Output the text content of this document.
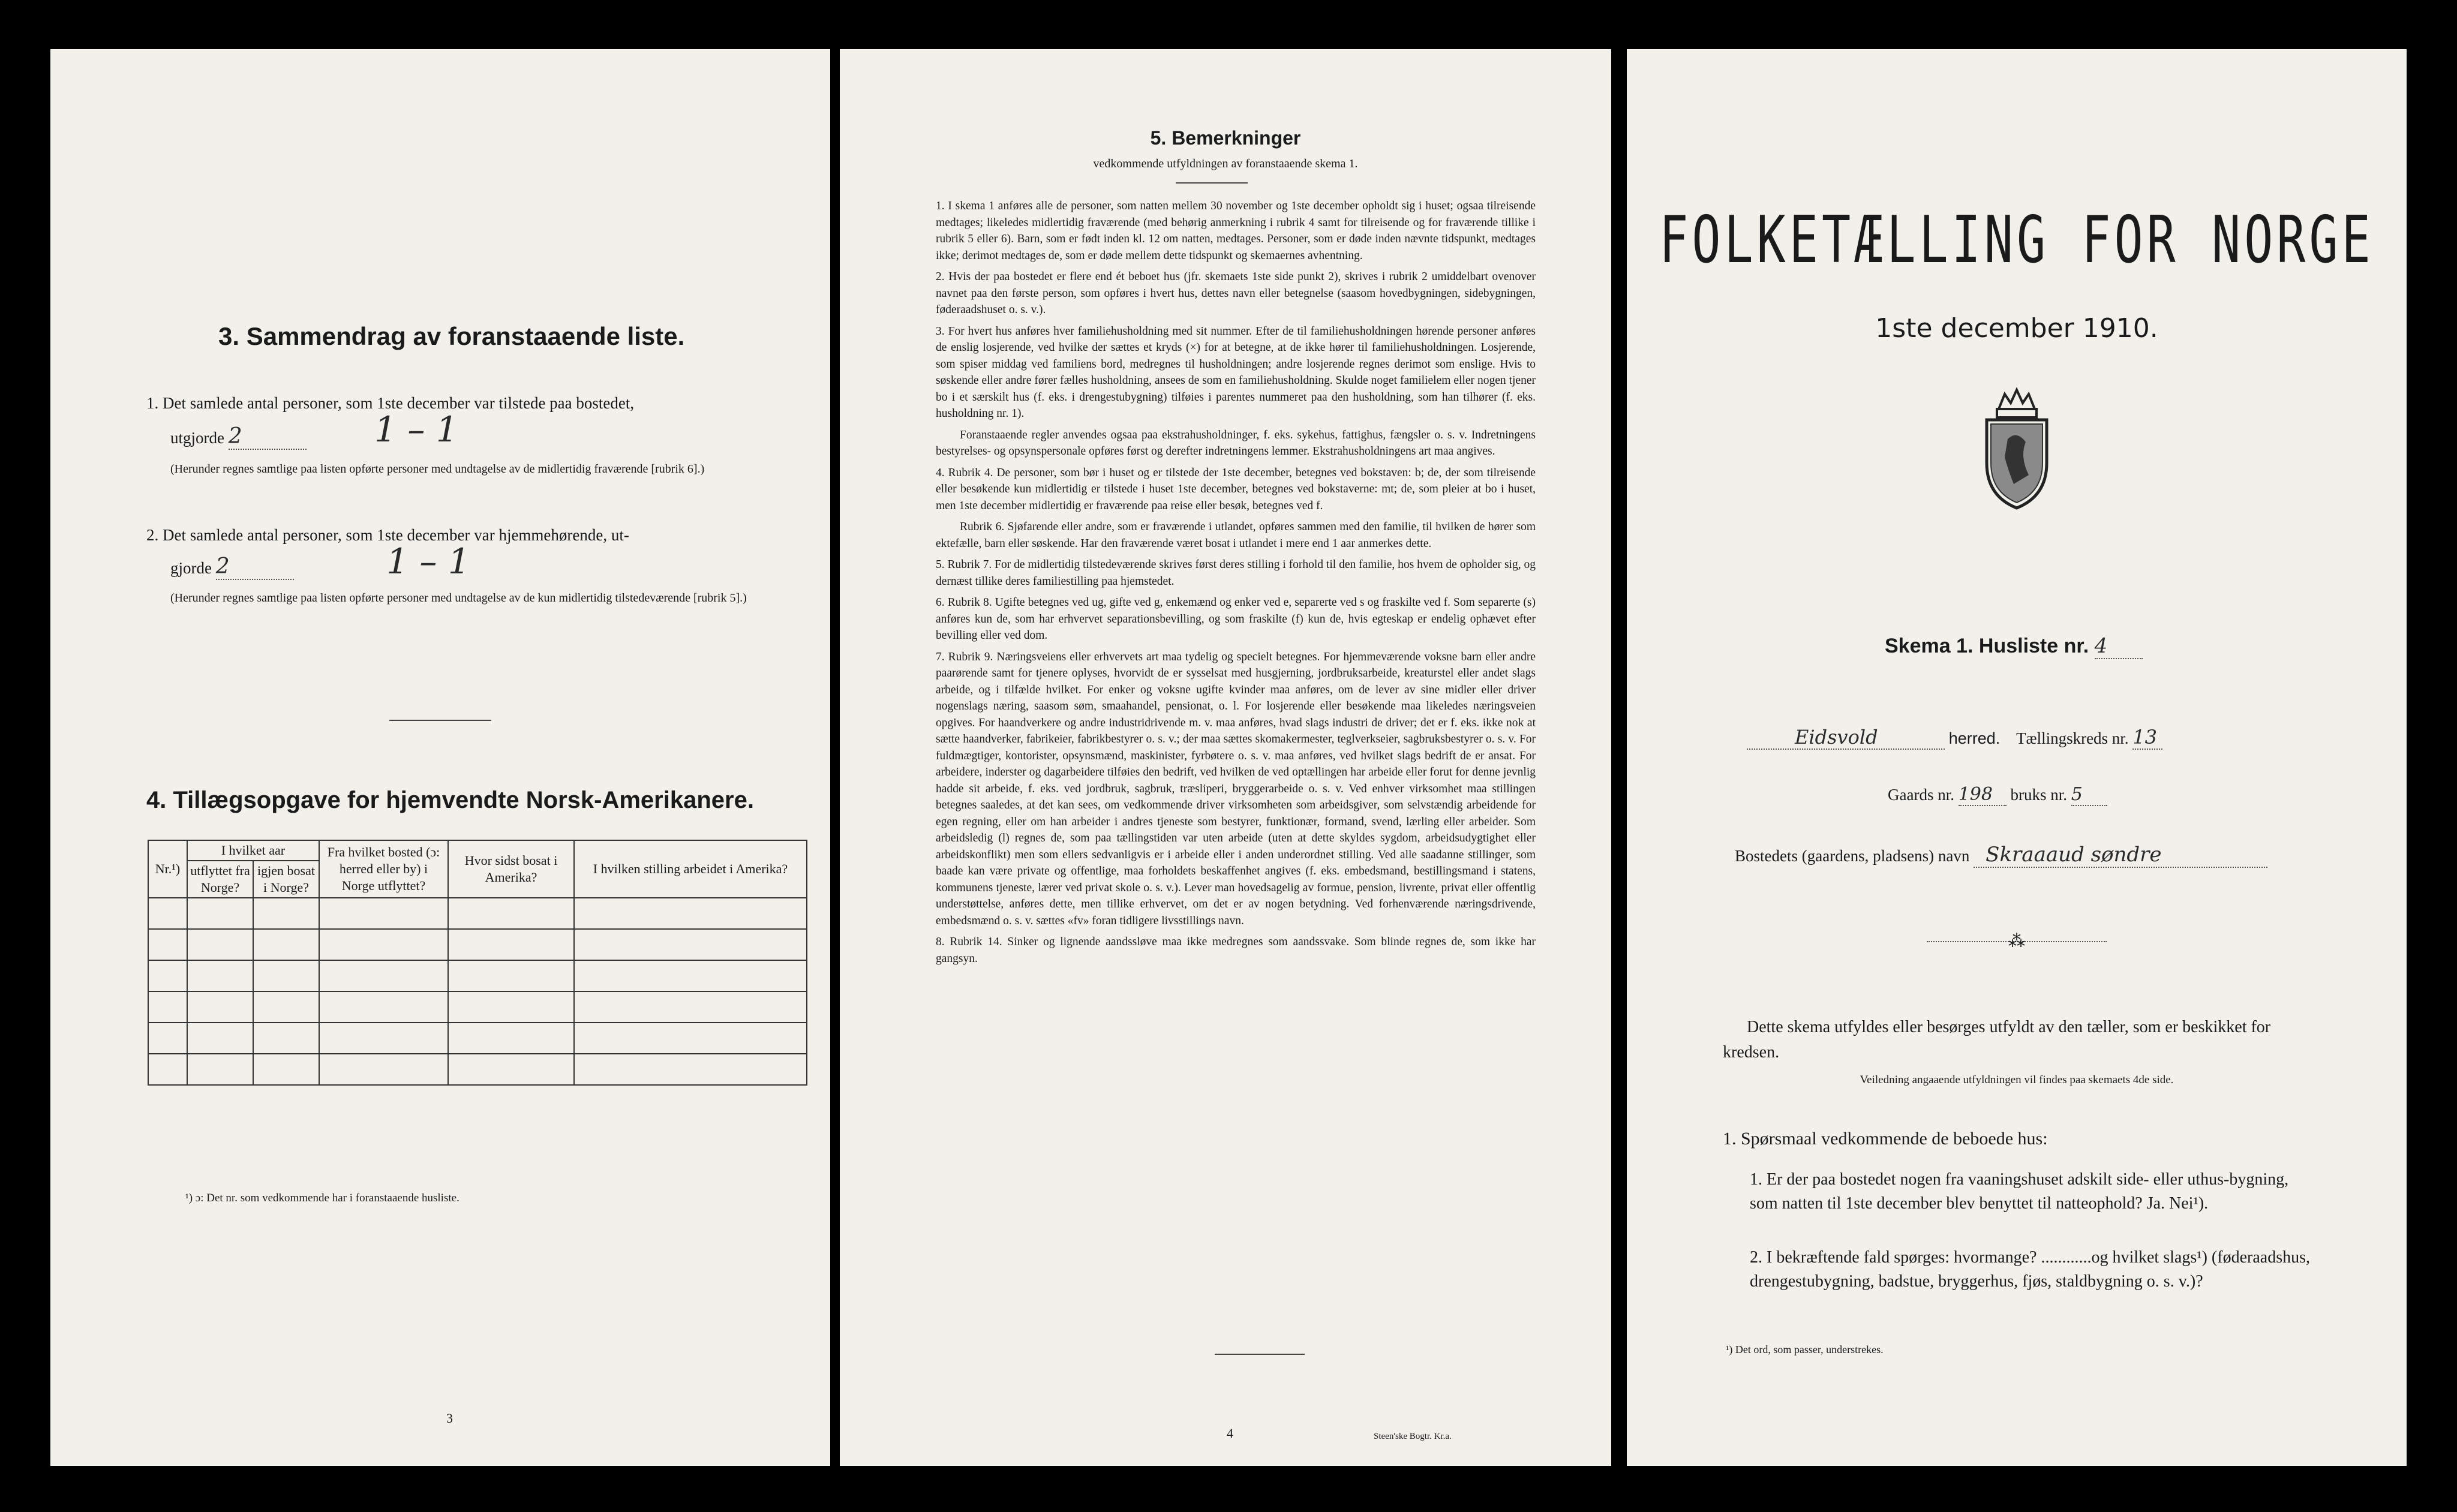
3. Sammendrag av foranstaaende liste.
1. Det samlede antal personer, som 1ste december var tilstede paa bostedet,
utgjorde 2	1 – 1
(Herunder regnes samtlige paa listen opførte personer med undtagelse av de midlertidig fraværende [rubrik 6].)
2. Det samlede antal personer, som 1ste december var hjemmehørende, ut-
gjorde 2	1 – 1
(Herunder regnes samtlige paa listen opførte personer med undtagelse av de kun midlertidig tilstedeværende [rubrik 5].)
4. Tillægsopgave for hjemvendte Norsk-Amerikanere.
Nr.¹)	I hvilket aar		Fra hvilket bosted (ɔ: herred eller by) i Norge utflyttet?	Hvor sidst bosat i Amerika?	I hvilken stilling arbeidet i Amerika?
	utflyttet fra Norge?	igjen bosat i Norge?			

¹) ɔ: Det nr. som vedkommende har i foranstaaende husliste.
3
5. Bemerkninger
vedkommende utfyldningen av foranstaaende skema 1.

1. I skema 1 anføres alle de personer, som natten mellem 30 november og 1ste december opholdt sig i huset; ogsaa tilreisende medtages; likeledes midlertidig fraværende (med behørig anmerkning i rubrik 4 samt for tilreisende og for fraværende tillike i rubrik 5 eller 6). Barn, som er født inden kl. 12 om natten, medtages. Personer, som er døde inden nævnte tidspunkt, medtages ikke; derimot medtages de, som er døde mellem dette tidspunkt og skemaernes avhentning.

2. Hvis der paa bostedet er flere end ét beboet hus (jfr. skemaets 1ste side punkt 2), skrives i rubrik 2 umiddelbart ovenover navnet paa den første person, som opføres i hvert hus, dettes navn eller betegnelse (saasom hovedbygningen, sidebygningen, føderaadshuset o. s. v.).

3. For hvert hus anføres hver familiehusholdning med sit nummer. Efter de til familiehusholdningen hørende personer anføres de enslig losjerende, ved hvilke der sættes et kryds (×) for at betegne, at de ikke hører til familiehusholdningen. Losjerende, som spiser middag ved familiens bord, medregnes til husholdningen; andre losjerende regnes derimot som enslige. Hvis to søskende eller andre fører fælles husholdning, ansees de som en familiehusholdning. Skulde noget familielem eller nogen tjener bo i et særskilt hus (f. eks. i drengestubygning) tilføies i parentes nummeret paa den husholdning, som han tilhører (f. eks. husholdning nr. 1).

Foranstaaende regler anvendes ogsaa paa ekstrahusholdninger, f. eks. sykehus, fattighus, fængsler o. s. v. Indretningens bestyrelses- og opsynspersonale opføres først og derefter indretningens lemmer. Ekstrahusholdningens art maa angives.

4. Rubrik 4. De personer, som bør i huset og er tilstede der 1ste december, betegnes ved bokstaven: b; de, der som tilreisende eller besøkende kun midlertidig er tilstede i huset 1ste december, betegnes ved bokstaverne: mt; de, som pleier at bo i huset, men 1ste december midlertidig er fraværende paa reise eller besøk, betegnes ved f.

Rubrik 6. Sjøfarende eller andre, som er fraværende i utlandet, opføres sammen med den familie, til hvilken de hører som ektefælle, barn eller søskende. Har den fraværende været bosat i utlandet i mere end 1 aar anmerkes dette.

5. Rubrik 7. For de midlertidig tilstedeværende skrives først deres stilling i forhold til den familie, hos hvem de opholder sig, og dernæst tillike deres familiestilling paa hjemstedet.

6. Rubrik 8. Ugifte betegnes ved ug, gifte ved g, enkemænd og enker ved e, separerte ved s og fraskilte ved f. Som separerte (s) anføres kun de, som har erhvervet separationsbevilling, og som fraskilte (f) kun de, hvis egteskap er endelig ophævet efter bevilling eller ved dom.

7. Rubrik 9. Næringsveiens eller erhvervets art maa tydelig og specielt betegnes. For hjemmeværende voksne barn eller andre paarørende samt for tjenere oplyses, hvorvidt de er sysselsat med husgjerning, jordbruksarbeide, kreaturstel eller andet slags arbeide, og i tilfælde hvilket. For enker og voksne ugifte kvinder maa anføres, om de lever av sine midler eller driver nogenslags næring, saasom søm, smaahandel, pensionat, o. l. For losjerende eller besøkende maa likeledes næringsveien opgives. For haandverkere og andre industridrivende m. v. maa anføres, hvad slags industri de driver; det er f. eks. ikke nok at sætte haandverker, fabrikeier, fabrikbestyrer o. s. v.; der maa sættes skomakermester, teglverkseier, sagbruksbestyrer o. s. v. For fuldmægtiger, kontorister, opsynsmænd, maskinister, fyrbøtere o. s. v. maa anføres, ved hvilket slags bedrift de er ansat. For arbeidere, inderster og dagarbeidere tilføies den bedrift, ved hvilken de ved optællingen har arbeide eller forut for denne jevnlig hadde sit arbeide, f. eks. ved jordbruk, sagbruk, træsliperi, bryggerarbeide o. s. v. Ved enhver virksomhet maa stillingen betegnes saaledes, at det kan sees, om vedkommende driver virksomheten som arbeidsgiver, som selvstændig arbeidende for egen regning, eller om han arbeider i andres tjeneste som bestyrer, funktionær, formand, svend, lærling eller arbeider. Som arbeidsledig (l) regnes de, som paa tællingstiden var uten arbeide (uten at dette skyldes sygdom, arbeidsudygtighet eller arbeidskonflikt) men som ellers sedvanligvis er i arbeide eller i anden underordnet stilling. Ved alle saadanne stillinger, som baade kan være private og offentlige, maa forholdets beskaffenhet angives (f. eks. embedsmand, bestillingsmand i statens, kommunens tjeneste, lærer ved privat skole o. s. v.). Lever man hovedsagelig av formue, pension, livrente, privat eller offentlig understøttelse, anføres dette, men tillike erhvervet, om det er av nogen betydning. Ved forhenværende næringsdrivende, embedsmænd o. s. v. sættes «fv» foran tidligere livsstillings navn.

8. Rubrik 14. Sinker og lignende aandssløve maa ikke medregnes som aandssvake. Som blinde regnes de, som ikke har gangsyn.

4	Steen'ske Bogtr. Kr.a.
FOLKETÆLLING FOR NORGE
1ste december 1910.
Skema 1. Husliste nr. 4
Eidsvold	herred. Tællingskreds nr. 13
Gaards nr. 198 bruks nr. 5
Bostedets (gaardens, pladsens) navn Skraaaud søndre
⁂
Dette skema utfyldes eller besørges utfyldt av den tæller, som er beskikket for kredsen.
Veiledning angaaende utfyldningen vil findes paa skemaets 4de side.
1. Spørsmaal vedkommende de beboede hus:
1. Er der paa bostedet nogen fra vaaningshuset adskilt side- eller uthus-bygning, som natten til 1ste december blev benyttet til natteophold? Ja. Nei¹).
2. I bekræftende fald spørges: hvormange? ............og hvilket slags¹) (føderaadshus, drengestubygning, badstue, bryggerhus, fjøs, staldbygning o. s. v.)?
¹) Det ord, som passer, understrekes.
